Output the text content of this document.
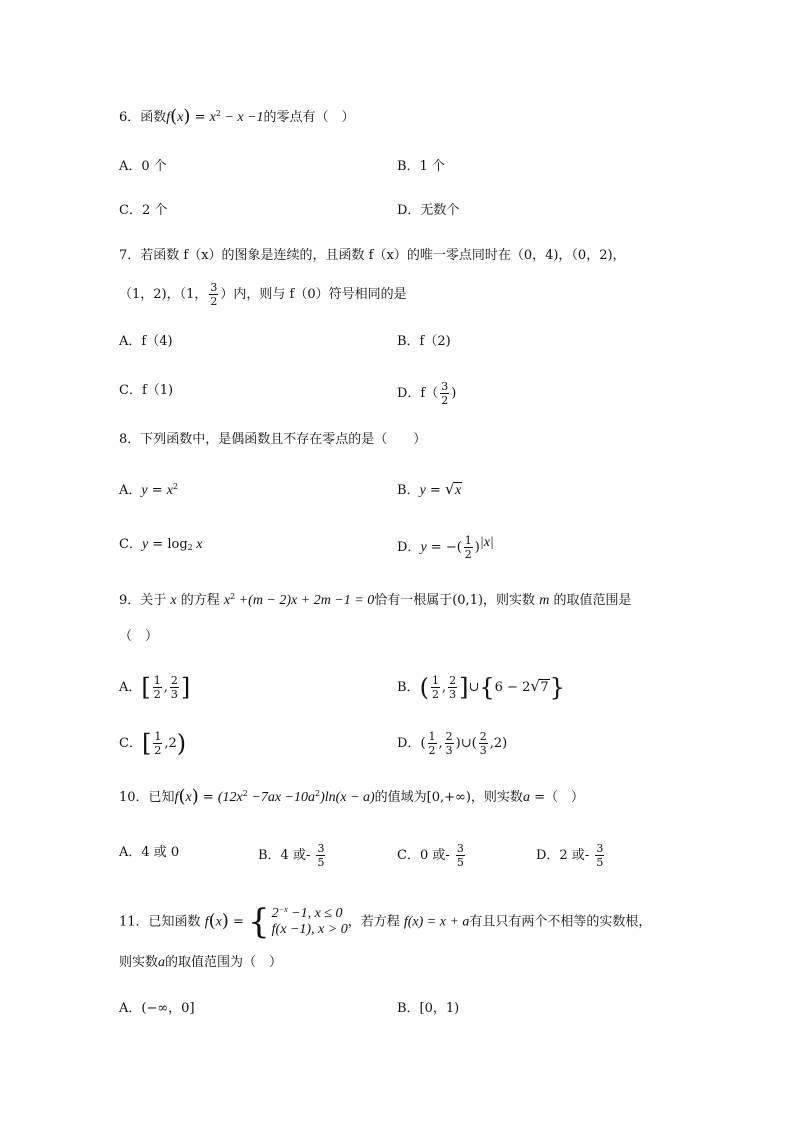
6．函数$f(x) = x^2 - x -1$的零点有（　）
A．0 个	B．1 个
C．2 个	D．无数个
7．若函数 f（x）的图象是连续的，且函数 f（x）的唯一零点同时在（0，4)，（0，2)，
（1，2)，（1， $\frac{3}{2}$ ）内，则与 f（0）符号相同的是
A．f（4)	B．f（2)
C．f（1)	D．$f( \frac{3}{2}$ )
8．下列函数中，是偶函数且不存在零点的是（　　）
A．$y = x^2$	B．y = √ x
C．$y = \log_2 x$	D．y = −( $\frac{1}{2} )^{|x|}$
9．关于 x 的方程 $x^2 +(m - 2)x + 2m -1 = 0$恰有一根属于(0,1)，则实数 m 的取值范围是
（　）
A．[ $\frac{1}{2}$ , $\frac{2}{3}$ ]	B．( $\frac{1}{2}$ , $\frac{2}{3}$ ]∪{6 − 2 √ 7}
C．[ $\frac{1}{2} ,2$)	D．( $\frac{1}{2}$ , $\frac{2}{3}$ )∪( $\frac{2}{3} ,2$)
10．已知$f(x) = (12x^2 -7ax -10a^2)\ln(x - a)$的值域为[0,+∞)，则实数a =（　）
A．4 或 0	B．4 或- $\frac{3}{5}$	C．0 或- $\frac{3}{5}$	D．2 或- $\frac{3}{5}$
11．已知函数 f(x) = { $2^{-x} -1$, x ≤ 0
f(x −1), x > 0 ，若方程 f(x) = x + a有且只有两个不相等的实数根，
则实数a的取值范围为（　）
A．(−∞，0]	B．[0，1)
